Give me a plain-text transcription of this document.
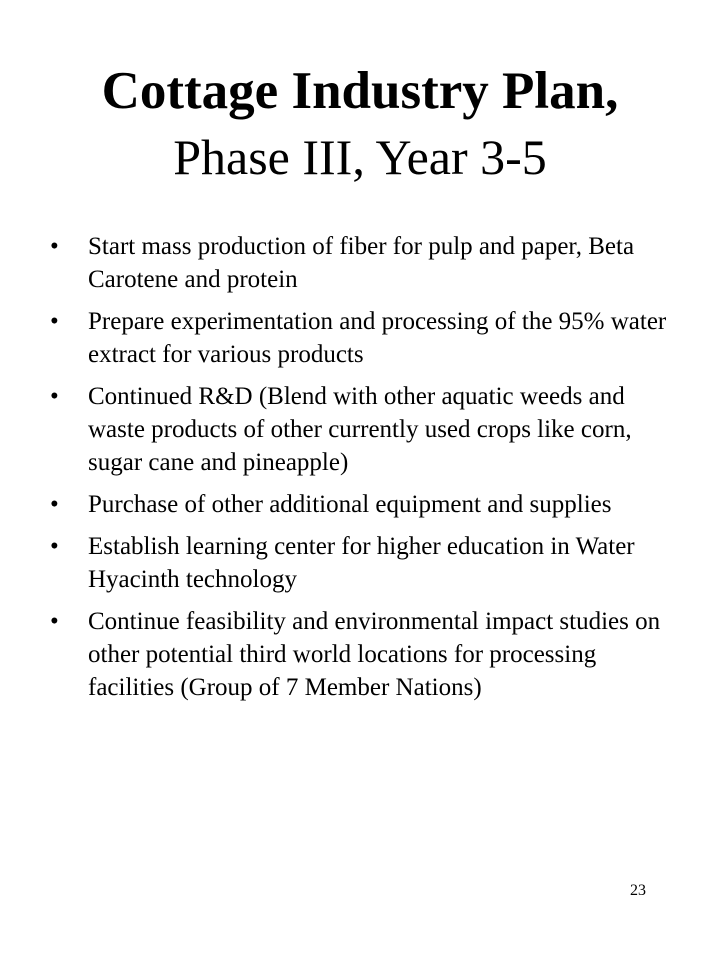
Cottage Industry Plan,
Phase III, Year 3-5
•	Start mass production of fiber for pulp and paper, Beta Carotene and protein
•	Prepare experimentation and processing of the 95% water extract for various products
•	Continued R&D (Blend with other aquatic weeds and waste products of other currently used crops like corn, sugar cane and pineapple)
•	Purchase of other additional equipment and supplies
•	Establish learning center for higher education in Water Hyacinth technology
•	Continue feasibility and environmental impact studies on other potential third world locations for processing facilities (Group of 7 Member Nations)
23
